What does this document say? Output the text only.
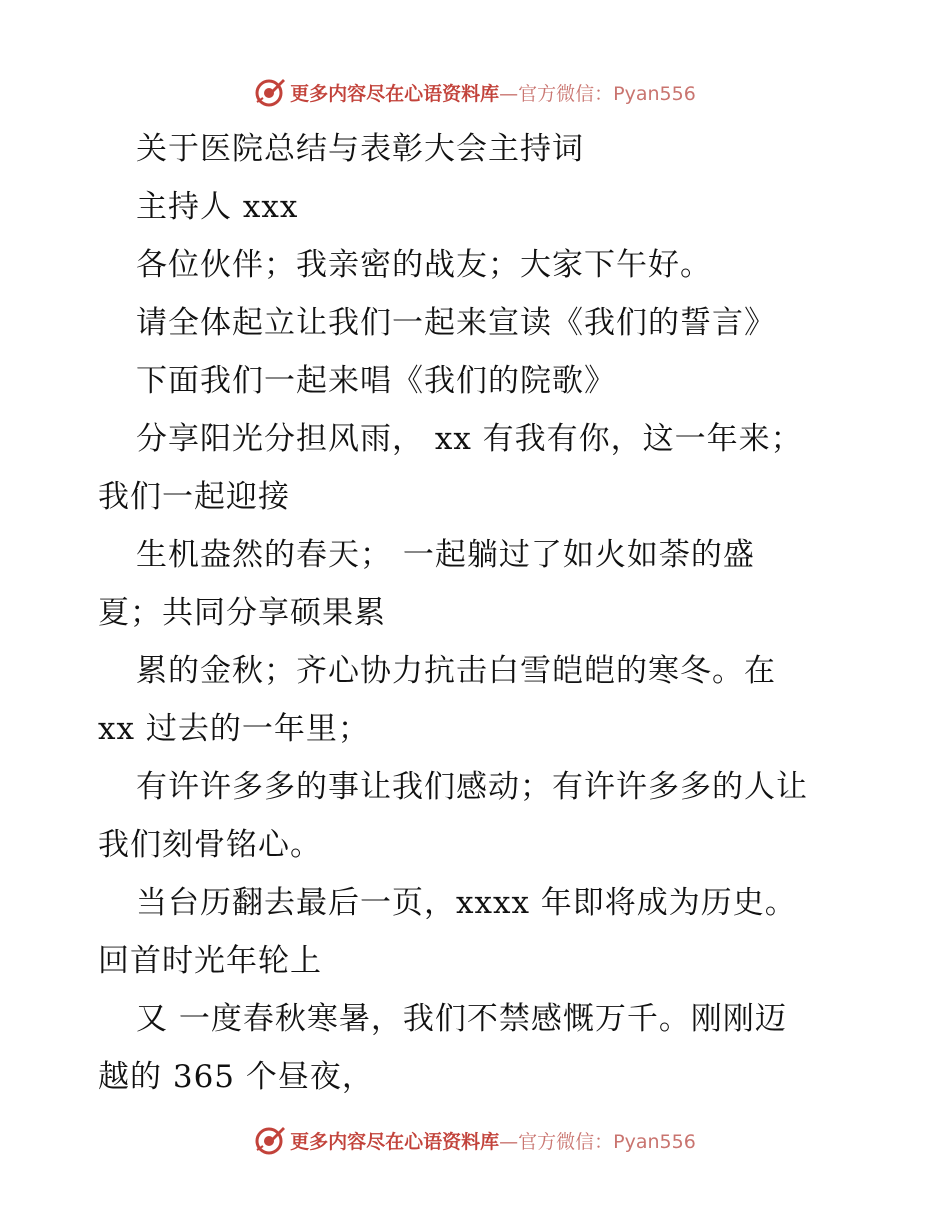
更多内容尽在心语资料库—官方微信：Pyan556

关于医院总结与表彰大会主持词

主持人 xxx

各位伙伴；我亲密的战友；大家下午好。

请全体起立让我们一起来宣读《我们的誓言》

下面我们一起来唱《我们的院歌》

分享阳光分担风雨， xx 有我有你，这一年来；

我们一起迎接

生机盎然的春天； 一起躺过了如火如荼的盛

夏；共同分享硕果累

累的金秋；齐心协力抗击白雪皑皑的寒冬。在

xx 过去的一年里；

有许许多多的事让我们感动；有许许多多的人让

我们刻骨铭心。

当台历翻去最后一页，xxxx 年即将成为历史。

回首时光年轮上

又 一度春秋寒暑，我们不禁感慨万千。刚刚迈

越的 365 个昼夜，

更多内容尽在心语资料库—官方微信：Pyan556
